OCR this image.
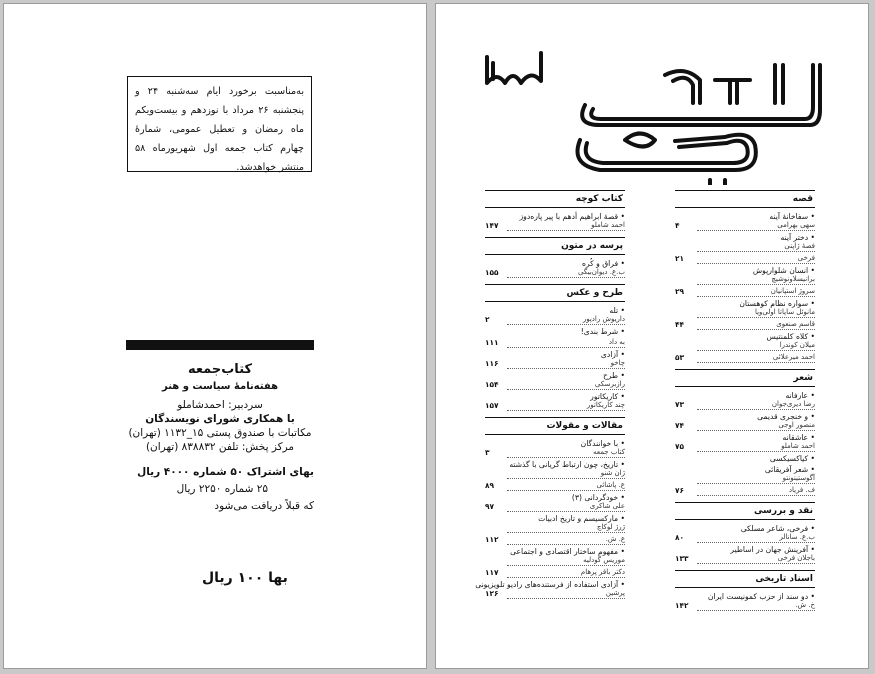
به‌مناسبت برخورد ایام سه‌شنبه ۲۴ و پنجشنبه ۲۶ مرداد با نوزدهم و بیست‌ویکم ماه رمضان و تعطیل عمومی، شمارهٔ چهارم کتاب جمعه اول شهریورماه ۵۸ منتشر خواهدشد.
کتاب‌جمعه
هفته‌نامهٔ سیاست و هنر
سردبیر: احمدشاملو
با همکاری شورای نویسندگان
مکاتبات با صندوق پستی ۱۵_۱۱۳۲ (تهران)
مرکز پخش: تلفن ۸۳۸۸۳۲ (تهران)
بهای اشتراک ۵۰ شماره ۴۰۰۰ ریال
۲۵ شماره ۲۲۵۰ ریال
که قبلاً دریافت می‌شود
بها ۱۰۰ ریال
قصه
• سفاخانهٔ آینه
سهی بهرامی
۴
• دختر آینه
فصهٔ ژاپنی
فرخی
۲۱
• انسان شلوارپوش
برانیسلاونوشیچ
سروژ استپانیان
۲۹
• سواره نظام کوهستان
مانوئل ساپاتا اولی‌ویا
قاسم صنعوی
۴۴
• کلاه کلمنتیس
میلان کوندرا
احمد میرعلائی
۵۳
شعر
• عارفانه
رضا دیری‌جوان
۷۳
• و خنجری قدیمی
منصور اوجی
۷۴
• عاشقانه
احمد شاملو
۷۵
• کیاکسیکسی
• شعر آفریقائی
آگوستینونتو
ف. فریاد
۷۶
نقد و بررسی
• فرخی، شاعر مسلکی
ب.ع. سانالر
۸۰
• آفرینش جهان در اساطیر
باجلان فرخی
۱۳۳
اسناد تاریخی
• دو سند از حزب کمونیست ایران
خ. ش.
۱۴۲
کتاب کوچه
• قصهٔ ابراهیم أدهم با پیر پاره‌دوز
احمد شاملو
۱۴۷
پرسه در متون
• فراق و کُره
ب.ع. دیوان‌بیگی
۱۵۵
طرح و عکس
• تله
داریوش رادپور
۲
• شرط بندی!
به داد
۱۱۱
• آزادی
چاخو
۱۱۶
• طرح
رازبرسکی
۱۵۴
• کاریکاتور
چند کاریکاتور
۱۵۷
مقالات و مقولات
• با خوانندگان
کتاب جمعه
۳
• تاریخ، چون ارتباط گریانی با گذشته
ژان شنو
ع. پاشائی
۸۹
• خودگردانی (۳)
علی شاکری
۹۷
• مارکسیسم و تاریخ ادبیات
ژرژ لوکاچ
ع. ش.
۱۱۲
• مفهوم ساختار اقتصادی و اجتماعی
موریس گودلیه
دکتر باقر پرهام
۱۱۷
• آزادی استفاده از فرستنده‌های رادیو تلویزیونی
پرشین
۱۲۶
